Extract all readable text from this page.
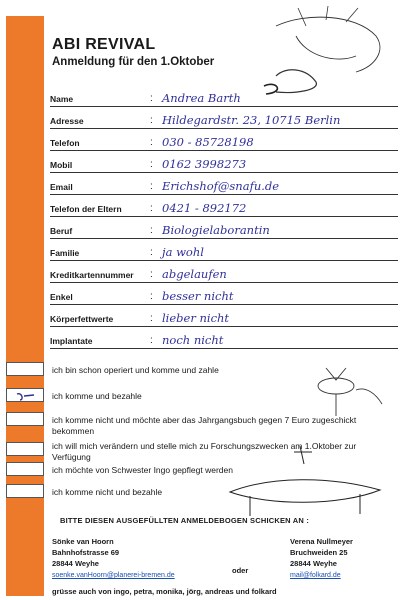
ABI REVIVAL
Anmeldung für den 1.Oktober
Name	: Andrea Barth
Adresse	: Hildegardstr. 23, 10715 Berlin
Telefon	: 030 - 85728198
Mobil	: 0162 3998273
Email	: Erichshof@snafu.de
Telefon der Eltern	: 0421 - 892172
Beruf	: Biologielaborantin
Familie	: ja wohl
Kreditkartennummer : abgelaufen
Enkel	: besser nicht
Körperfettwerte	: lieber nicht
Implantate	: noch nicht
ich bin schon operiert und komme und zahle
ich komme und bezahle
ich komme nicht und möchte aber das Jahrgangsbuch gegen 7 Euro zugeschickt bekommen
ich will mich verändern und stelle mich zu Forschungszwecken am 1.Oktober zur Verfügung
ich möchte von Schwester Ingo gepflegt werden
ich komme nicht und bezahle
BITTE DIESEN AUSGEFÜLLTEN ANMELDEBOGEN SCHICKEN AN :
Sönke van Hoorn
Bahnhofstrasse 69
28844 Weyhe
soenke.vanHoorn@planerei-bremen.de
oder
Verena Nullmeyer
Bruchweiden 25
28844 Weyhe
mail@folkard.de
grüsse auch von ingo, petra, monika, jörg, andreas und folkard
